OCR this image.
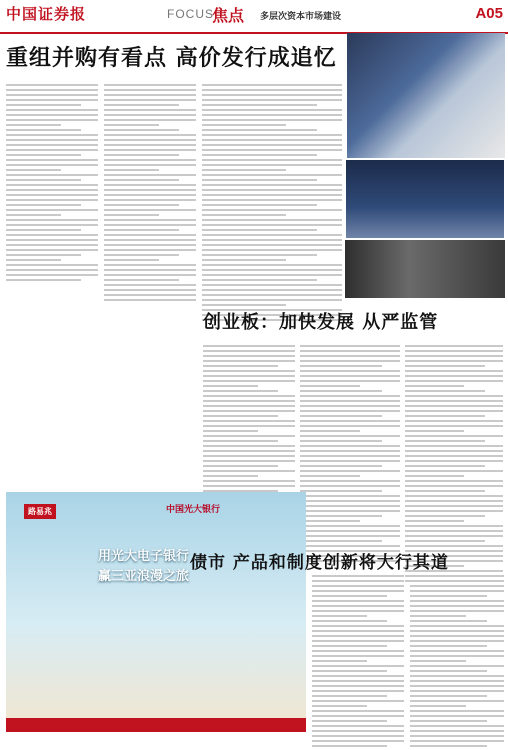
中国证券报	FOCUS
焦点 多层次资本市场建设	A05
重组并购有看点 高价发行成追忆
创业板：加快发展 从严监管
路易兆	中国光大银行
用光大电子银行
赢三亚浪漫之旅
债市 产品和制度创新将大行其道
